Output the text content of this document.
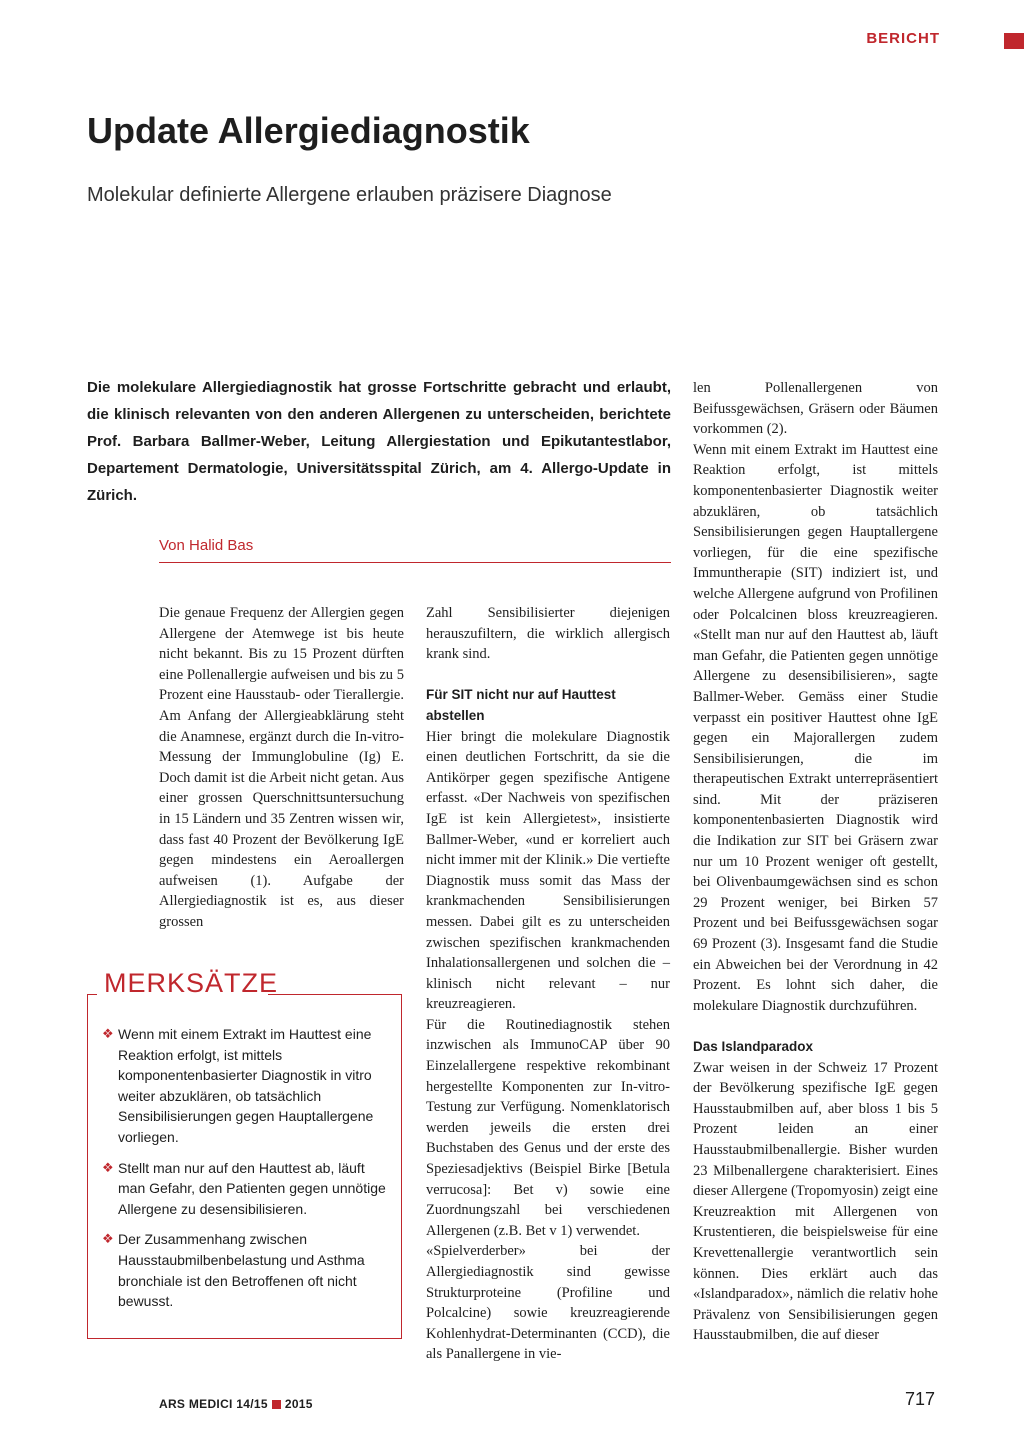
BERICHT
Update Allergiediagnostik
Molekular definierte Allergene erlauben präzisere Diagnose

Die molekulare Allergiediagnostik hat grosse Fortschritte gebracht und erlaubt, die klinisch relevanten von den anderen Allergenen zu unterscheiden, berichtete Prof. Barbara Ballmer-Weber, Leitung Allergiestation und Epikutantestlabor, Departement Dermatologie, Universitätsspital Zürich, am 4. Allergo-Update in Zürich.

Von Halid Bas

Die genaue Frequenz der Allergien gegen Allergene der Atemwege ist bis heute nicht bekannt. Bis zu 15 Prozent dürften eine Pollenallergie aufweisen und bis zu 5 Prozent eine Hausstaub- oder Tierallergie. Am Anfang der Allergieabklärung steht die Anamnese, ergänzt durch die In-vitro-Messung der Immunglobuline (Ig) E. Doch damit ist die Arbeit nicht getan. Aus einer grossen Querschnittsuntersuchung in 15 Ländern und 35 Zentren wissen wir, dass fast 40 Prozent der Bevölkerung IgE gegen mindestens ein Aeroallergen aufweisen (1). Aufgabe der Allergiediagnostik ist es, aus dieser grossen

Zahl Sensibilisierter diejenigen herauszufiltern, die wirklich allergisch krank sind.

Für SIT nicht nur auf Hauttest abstellen

Hier bringt die molekulare Diagnostik einen deutlichen Fortschritt, da sie die Antikörper gegen spezifische Antigene erfasst. «Der Nachweis von spezifischen IgE ist kein Allergietest», insistierte Ballmer-Weber, «und er korreliert auch nicht immer mit der Klinik.» Die vertiefte Diagnostik muss somit das Mass der krankmachenden Sensibilisierungen messen. Dabei gilt es zu unterscheiden zwischen spezifischen krankmachenden Inhalationsallergenen und solchen die – klinisch nicht relevant – nur kreuzreagieren.

Für die Routinediagnostik stehen inzwischen als ImmunoCAP über 90 Einzelallergene respektive rekombinant hergestellte Komponenten zur In-vitro-Testung zur Verfügung. Nomenklatorisch werden jeweils die ersten drei Buchstaben des Genus und der erste des Speziesadjektivs (Beispiel Birke [Betula verrucosa]: Bet v) sowie eine Zuordnungszahl bei verschiedenen Allergenen (z.B. Bet v 1) verwendet.

«Spielverderber» bei der Allergiediagnostik sind gewisse Strukturproteine (Profiline und Polcalcine) sowie kreuzreagierende Kohlenhydrat-Determinanten (CCD), die als Panallergene in vie-

len Pollenallergenen von Beifussgewächsen, Gräsern oder Bäumen vorkommen (2).

Wenn mit einem Extrakt im Hauttest eine Reaktion erfolgt, ist mittels komponentenbasierter Diagnostik weiter abzuklären, ob tatsächlich Sensibilisierungen gegen Hauptallergene vorliegen, für die eine spezifische Immuntherapie (SIT) indiziert ist, und welche Allergene aufgrund von Profilinen oder Polcalcinen bloss kreuzreagieren. «Stellt man nur auf den Hauttest ab, läuft man Gefahr, die Patienten gegen unnötige Allergene zu desensibilisieren», sagte Ballmer-Weber. Gemäss einer Studie verpasst ein positiver Hauttest ohne IgE gegen ein Majorallergen zudem Sensibilisierungen, die im therapeutischen Extrakt unterrepräsentiert sind. Mit der präziseren komponentenbasierten Diagnostik wird die Indikation zur SIT bei Gräsern zwar nur um 10 Prozent weniger oft gestellt, bei Olivenbaumgewächsen sind es schon 29 Prozent weniger, bei Birken 57 Prozent und bei Beifussgewächsen sogar 69 Prozent (3). Insgesamt fand die Studie ein Abweichen bei der Verordnung in 42 Prozent. Es lohnt sich daher, die molekulare Diagnostik durchzuführen.

Das Islandparadox

Zwar weisen in der Schweiz 17 Prozent der Bevölkerung spezifische IgE gegen Hausstaubmilben auf, aber bloss 1 bis 5 Prozent leiden an einer Hausstaubmilbenallergie. Bisher wurden 23 Milbenallergene charakterisiert. Eines dieser Allergene (Tropomyosin) zeigt eine Kreuzreaktion mit Allergenen von Krustentieren, die beispielsweise für eine Krevettenallergie verantwortlich sein können. Dies erklärt auch das «Islandparadox», nämlich die relativ hohe Prävalenz von Sensibilisierungen gegen Hausstaubmilben, die auf dieser

MERKSÄTZE
❖ Wenn mit einem Extrakt im Hauttest eine Reaktion erfolgt, ist mittels komponentenbasierter Diagnostik in vitro weiter abzuklären, ob tatsächlich Sensibilisierungen gegen Hauptallergene vorliegen.
❖ Stellt man nur auf den Hauttest ab, läuft man Gefahr, den Patienten gegen unnötige Allergene zu desensibilisieren.
❖ Der Zusammenhang zwischen Hausstaubmilbenbelastung und Asthma bronchiale ist den Betroffenen oft nicht bewusst.
ARS MEDICI 14/15 2015	717
